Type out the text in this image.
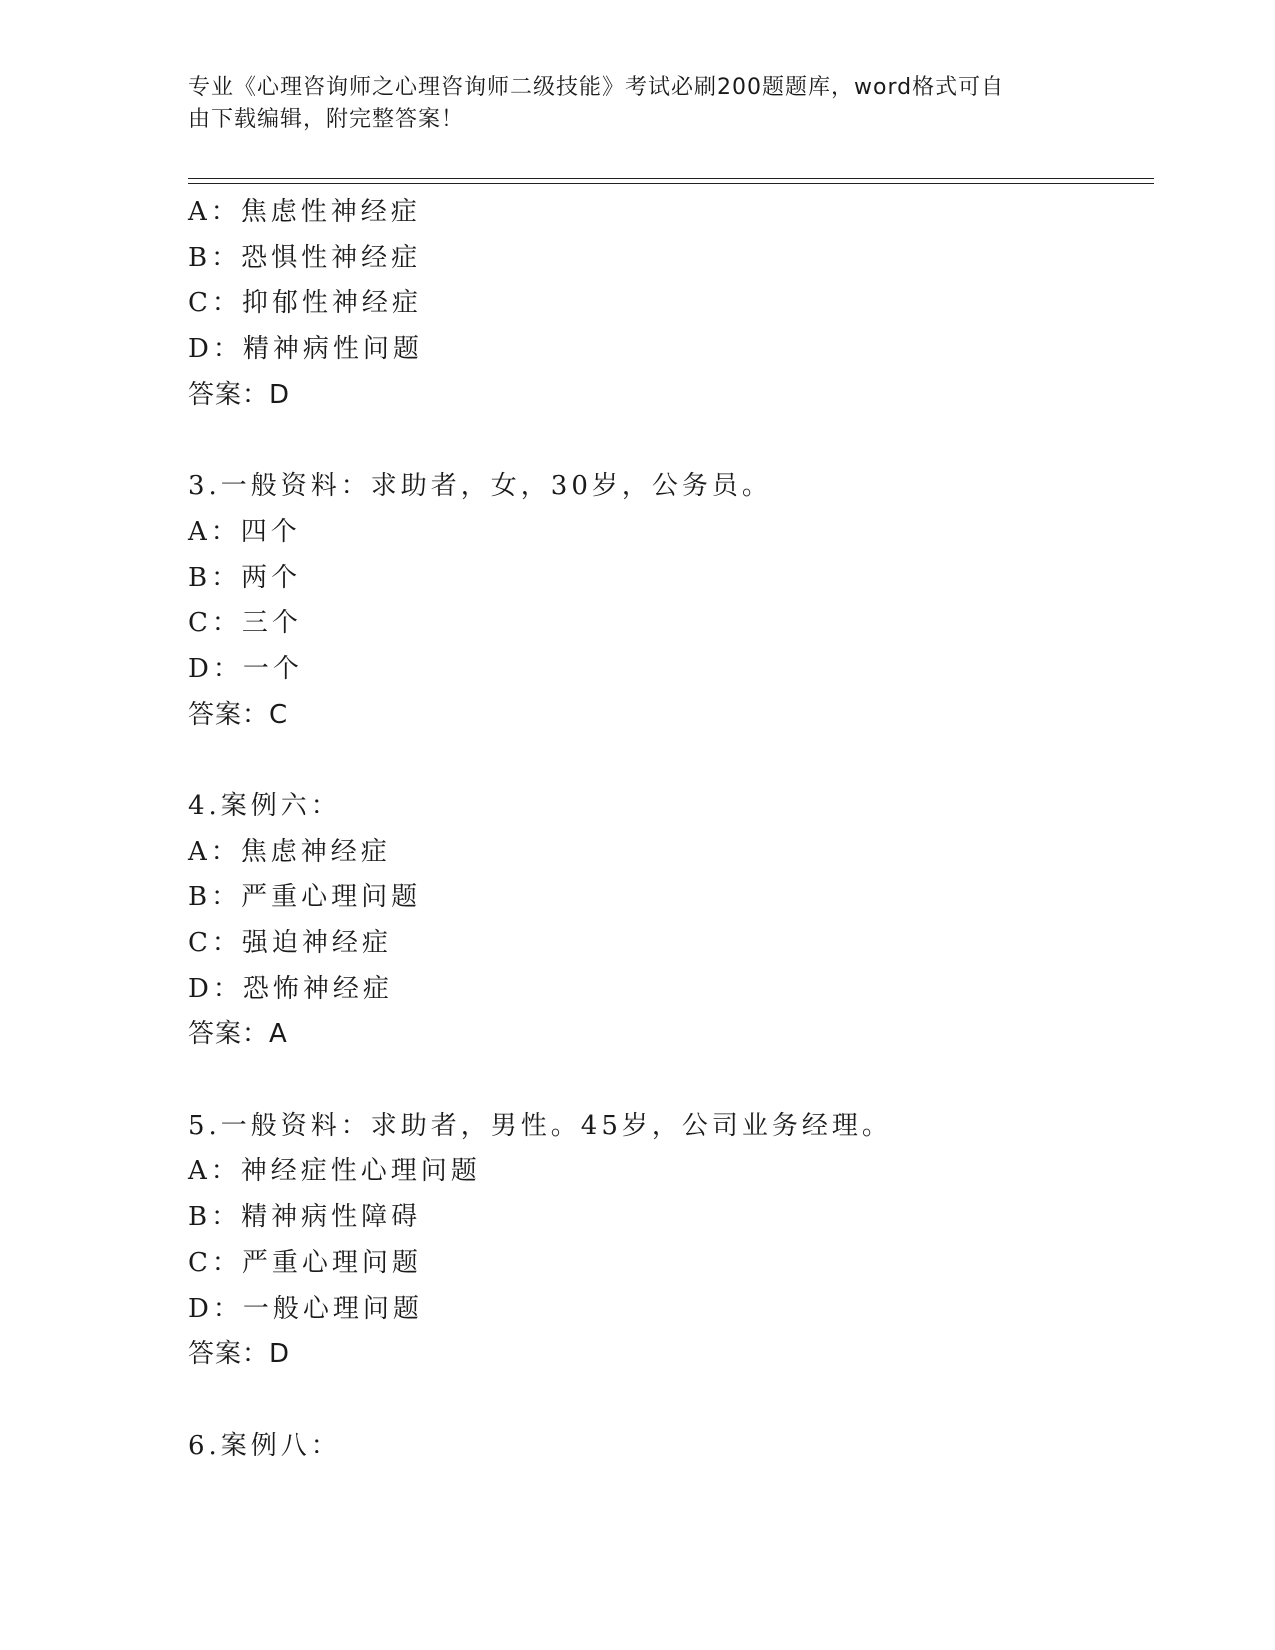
专业《心理咨询师之心理咨询师二级技能》考试必刷200题题库，word格式可自
由下载编辑，附完整答案！
A：焦虑性神经症
B：恐惧性神经症
C：抑郁性神经症
D：精神病性问题
答案：D
3.一般资料：求助者，女，30岁，公务员。
A：四个
B：两个
C：三个
D：一个
答案：C
4.案例六：
A：焦虑神经症
B：严重心理问题
C：强迫神经症
D：恐怖神经症
答案：A
5.一般资料：求助者，男性。45岁，公司业务经理。
A：神经症性心理问题
B：精神病性障碍
C：严重心理问题
D：一般心理问题
答案：D
6.案例八：
